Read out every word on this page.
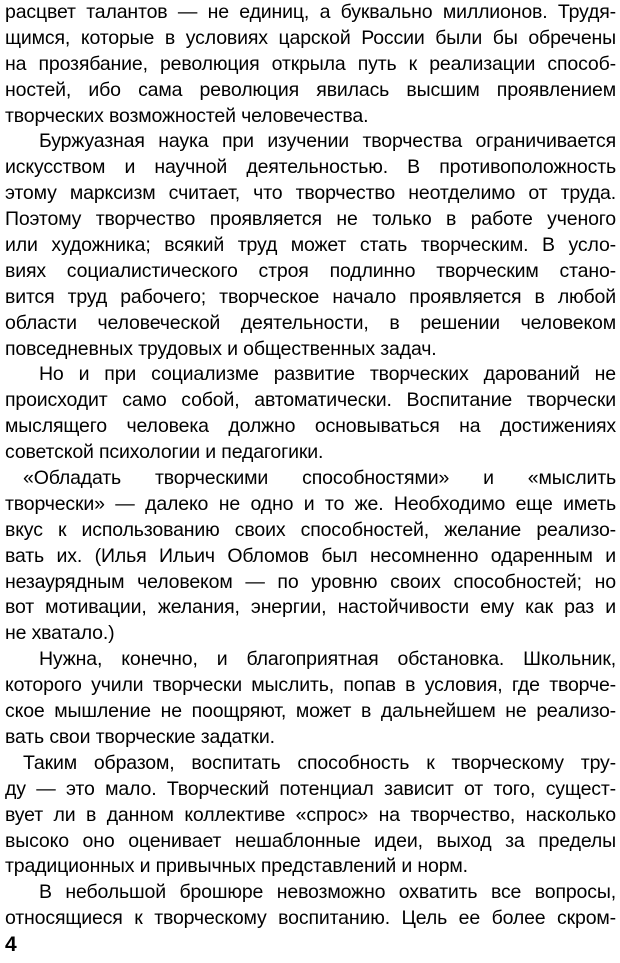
расцвет талантов — не единиц, а буквально миллионов. Трудя-
щимся, которые в условиях царской России были бы обречены
на прозябание, революция открыла путь к реализации способ-
ностей, ибо сама революция явилась высшим проявлением
творческих возможностей человечества.
Буржуазная наука при изучении творчества ограничивается
искусством и научной деятельностью. В противоположность
этому марксизм считает, что творчество неотделимо от труда.
Поэтому творчество проявляется не только в работе ученого
или художника; всякий труд может стать творческим. В усло-
виях социалистического строя подлинно творческим стано-
вится труд рабочего; творческое начало проявляется в любой
области человеческой деятельности, в решении человеком
повседневных трудовых и общественных задач.
Но и при социализме развитие творческих дарований не
происходит само собой, автоматически. Воспитание творчески
мыслящего человека должно основываться на достижениях
советской психологии и педагогики.
«Обладать творческими способностями» и «мыслить
творчески» — далеко не одно и то же. Необходимо еще иметь
вкус к использованию своих способностей, желание реализо-
вать их. (Илья Ильич Обломов был несомненно одаренным и
незаурядным человеком — по уровню своих способностей; но
вот мотивации, желания, энергии, настойчивости ему как раз и
не хватало.)
Нужна, конечно, и благоприятная обстановка. Школьник,
которого учили творчески мыслить, попав в условия, где творче-
ское мышление не поощряют, может в дальнейшем не реализо-
вать свои творческие задатки.
Таким образом, воспитать способность к творческому тру-
ду — это мало. Творческий потенциал зависит от того, сущест-
вует ли в данном коллективе «спрос» на творчество, насколько
высоко оно оценивает нешаблонные идеи, выход за пределы
традиционных и привычных представлений и норм.
В небольшой брошюре невозможно охватить все вопросы,
относящиеся к творческому воспитанию. Цель ее более скром-
4
